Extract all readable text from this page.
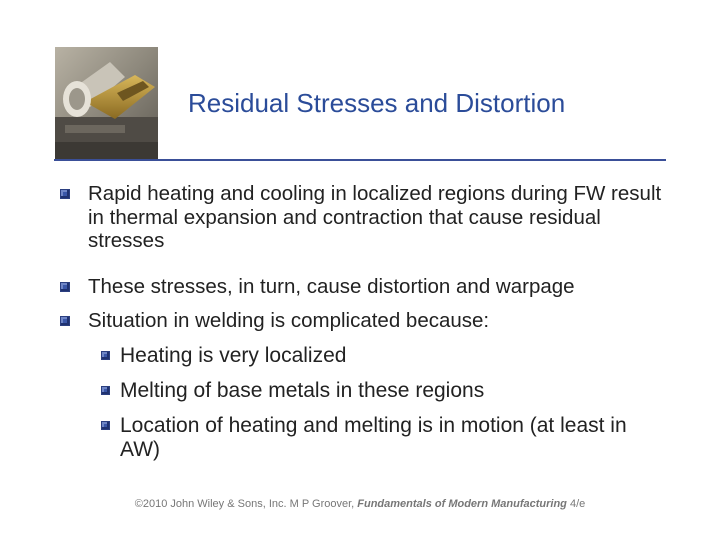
Residual Stresses and Distortion
Rapid heating and cooling in localized regions during FW result in thermal expansion and contraction that cause residual stresses
These stresses, in turn, cause distortion and warpage
Situation in welding is complicated because:
Heating is very localized
Melting of base metals in these regions
Location of heating and melting is in motion (at least in AW)
©2010 John Wiley & Sons, Inc. M P Groover, Fundamentals of Modern Manufacturing 4/e
